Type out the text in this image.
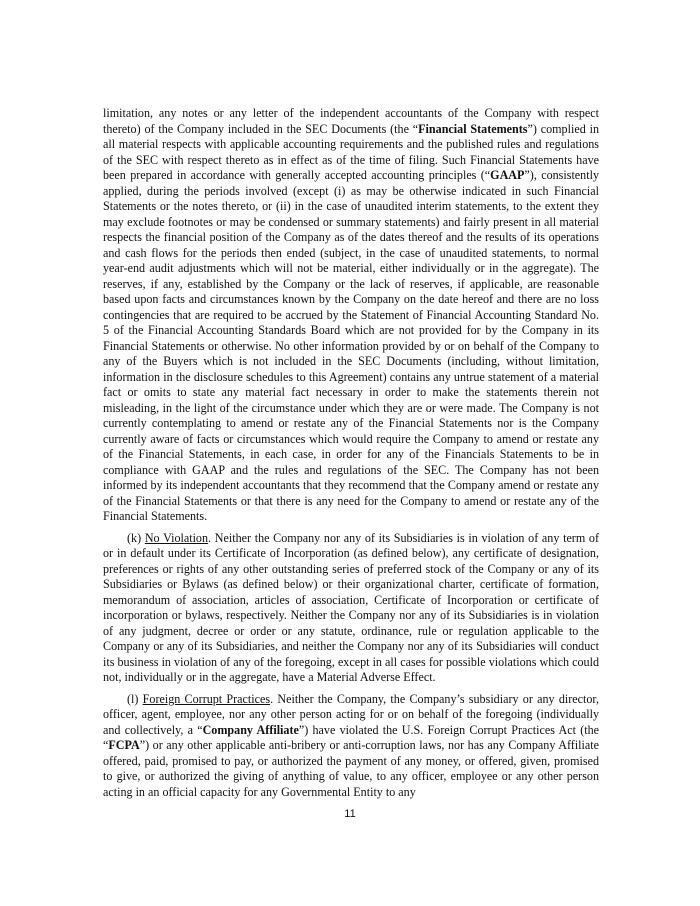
limitation, any notes or any letter of the independent accountants of the Company with respect thereto) of the Company included in the SEC Documents (the “Financial Statements”) complied in all material respects with applicable accounting requirements and the published rules and regulations of the SEC with respect thereto as in effect as of the time of filing. Such Financial Statements have been prepared in accordance with generally accepted accounting principles (“GAAP”), consistently applied, during the periods involved (except (i) as may be otherwise indicated in such Financial Statements or the notes thereto, or (ii) in the case of unaudited interim statements, to the extent they may exclude footnotes or may be condensed or summary statements) and fairly present in all material respects the financial position of the Company as of the dates thereof and the results of its operations and cash flows for the periods then ended (subject, in the case of unaudited statements, to normal year-end audit adjustments which will not be material, either individually or in the aggregate). The reserves, if any, established by the Company or the lack of reserves, if applicable, are reasonable based upon facts and circumstances known by the Company on the date hereof and there are no loss contingencies that are required to be accrued by the Statement of Financial Accounting Standard No. 5 of the Financial Accounting Standards Board which are not provided for by the Company in its Financial Statements or otherwise. No other information provided by or on behalf of the Company to any of the Buyers which is not included in the SEC Documents (including, without limitation, information in the disclosure schedules to this Agreement) contains any untrue statement of a material fact or omits to state any material fact necessary in order to make the statements therein not misleading, in the light of the circumstance under which they are or were made. The Company is not currently contemplating to amend or restate any of the Financial Statements nor is the Company currently aware of facts or circumstances which would require the Company to amend or restate any of the Financial Statements, in each case, in order for any of the Financials Statements to be in compliance with GAAP and the rules and regulations of the SEC. The Company has not been informed by its independent accountants that they recommend that the Company amend or restate any of the Financial Statements or that there is any need for the Company to amend or restate any of the Financial Statements.

(k) No Violation. Neither the Company nor any of its Subsidiaries is in violation of any term of or in default under its Certificate of Incorporation (as defined below), any certificate of designation, preferences or rights of any other outstanding series of preferred stock of the Company or any of its Subsidiaries or Bylaws (as defined below) or their organizational charter, certificate of formation, memorandum of association, articles of association, Certificate of Incorporation or certificate of incorporation or bylaws, respectively. Neither the Company nor any of its Subsidiaries is in violation of any judgment, decree or order or any statute, ordinance, rule or regulation applicable to the Company or any of its Subsidiaries, and neither the Company nor any of its Subsidiaries will conduct its business in violation of any of the foregoing, except in all cases for possible violations which could not, individually or in the aggregate, have a Material Adverse Effect.

(l) Foreign Corrupt Practices. Neither the Company, the Company’s subsidiary or any director, officer, agent, employee, nor any other person acting for or on behalf of the foregoing (individually and collectively, a “Company Affiliate”) have violated the U.S. Foreign Corrupt Practices Act (the “FCPA”) or any other applicable anti-bribery or anti-corruption laws, nor has any Company Affiliate offered, paid, promised to pay, or authorized the payment of any money, or offered, given, promised to give, or authorized the giving of anything of value, to any officer, employee or any other person acting in an official capacity for any Governmental Entity to any

11
